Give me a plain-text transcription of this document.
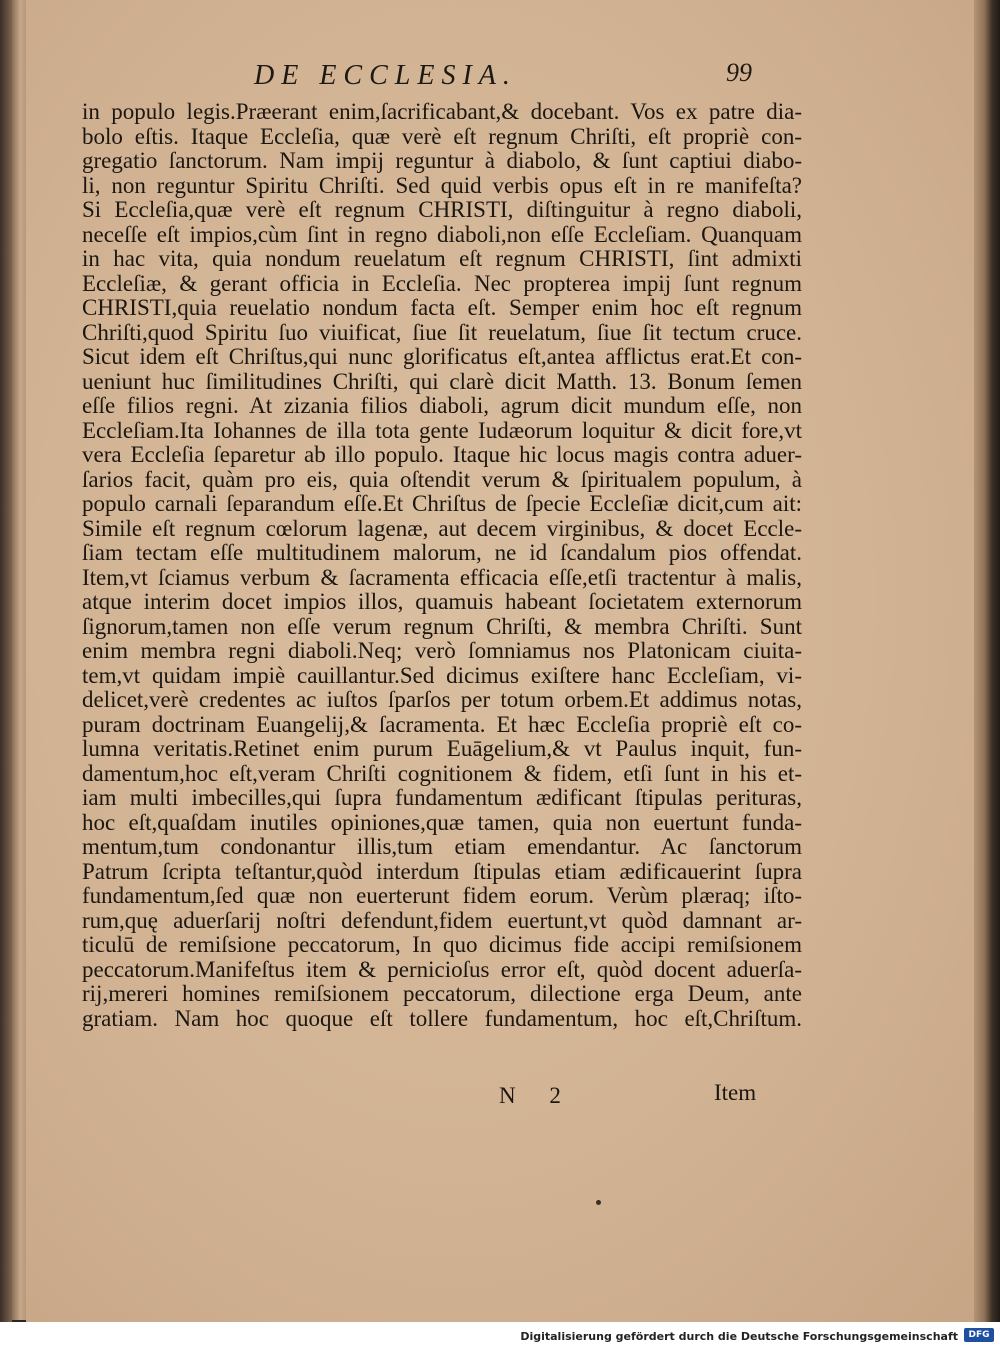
DE ECCLESIA.	99
in populo legis.Præerant enim,ſacrificabant,& docebant. Vos ex patre dia-
bolo eſtis. Itaque Eccleſia, quæ verè eſt regnum Chriſti, eſt propriè con-
gregatio ſanctorum. Nam impij reguntur à diabolo, & ſunt captiui diabo-
li, non reguntur Spiritu Chriſti. Sed quid verbis opus eſt in re manifeſta?
Si Eccleſia,quæ verè eſt regnum CHRISTI, diſtinguitur à regno diaboli,
neceſſe eſt impios,cùm ſint in regno diaboli,non eſſe Eccleſiam. Quanquam
in hac vita, quia nondum reuelatum eſt regnum CHRISTI, ſint admixti
Eccleſiæ, & gerant officia in Eccleſia. Nec propterea impij ſunt regnum
CHRISTI,quia reuelatio nondum facta eſt. Semper enim hoc eſt regnum
Chriſti,quod Spiritu ſuo viuificat, ſiue ſit reuelatum, ſiue ſit tectum cruce.
Sicut idem eſt Chriſtus,qui nunc glorificatus eſt,antea afflictus erat.Et con-
ueniunt huc ſimilitudines Chriſti, qui clarè dicit Matth. 13. Bonum ſemen
eſſe filios regni. At zizania filios diaboli, agrum dicit mundum eſſe, non
Eccleſiam.Ita Iohannes de illa tota gente Iudæorum loquitur & dicit fore,vt
vera Eccleſia ſeparetur ab illo populo. Itaque hic locus magis contra aduer-
ſarios facit, quàm pro eis, quia oſtendit verum & ſpiritualem populum, à
populo carnali ſeparandum eſſe.Et Chriſtus de ſpecie Eccleſiæ dicit,cum ait:
Simile eſt regnum cœlorum lagenæ, aut decem virginibus, & docet Eccle-
ſiam tectam eſſe multitudinem malorum, ne id ſcandalum pios offendat.
Item,vt ſciamus verbum & ſacramenta efficacia eſſe,etſi tractentur à malis,
atque interim docet impios illos, quamuis habeant ſocietatem externorum
ſignorum,tamen non eſſe verum regnum Chriſti, & membra Chriſti. Sunt
enim membra regni diaboli.Neq; verò ſomniamus nos Platonicam ciuita-
tem,vt quidam impiè cauillantur.Sed dicimus exiſtere hanc Eccleſiam, vi-
delicet,verè credentes ac iuſtos ſparſos per totum orbem.Et addimus notas,
puram doctrinam Euangelij,& ſacramenta. Et hæc Eccleſia propriè eſt co-
lumna veritatis.Retinet enim purum Euāgelium,& vt Paulus inquit, fun-
damentum,hoc eſt,veram Chriſti cognitionem & fidem, etſi ſunt in his et-
iam multi imbecilles,qui ſupra fundamentum ædificant ſtipulas perituras,
hoc eſt,quaſdam inutiles opiniones,quæ tamen, quia non euertunt funda-
mentum,tum condonantur illis,tum etiam emendantur. Ac ſanctorum
Patrum ſcripta teſtantur,quòd interdum ſtipulas etiam ædificauerint ſupra
fundamentum,ſed quæ non euerterunt fidem eorum. Verùm plæraq; iſto-
rum,quę aduerſarij noſtri defendunt,fidem euertunt,vt quòd damnant ar-
ticulū de remiſsione peccatorum, In quo dicimus fide accipi remiſsionem
peccatorum.Manifeſtus item & pernicioſus error eſt, quòd docent aduerſa-
rij,mereri homines remiſsionem peccatorum, dilectione erga Deum, ante
gratiam. Nam hoc quoque eſt tollere fundamentum, hoc eſt,Chriſtum.
N 2	Item
Digitalisierung gefördert durch die Deutsche Forschungsgemeinschaft	DFG
